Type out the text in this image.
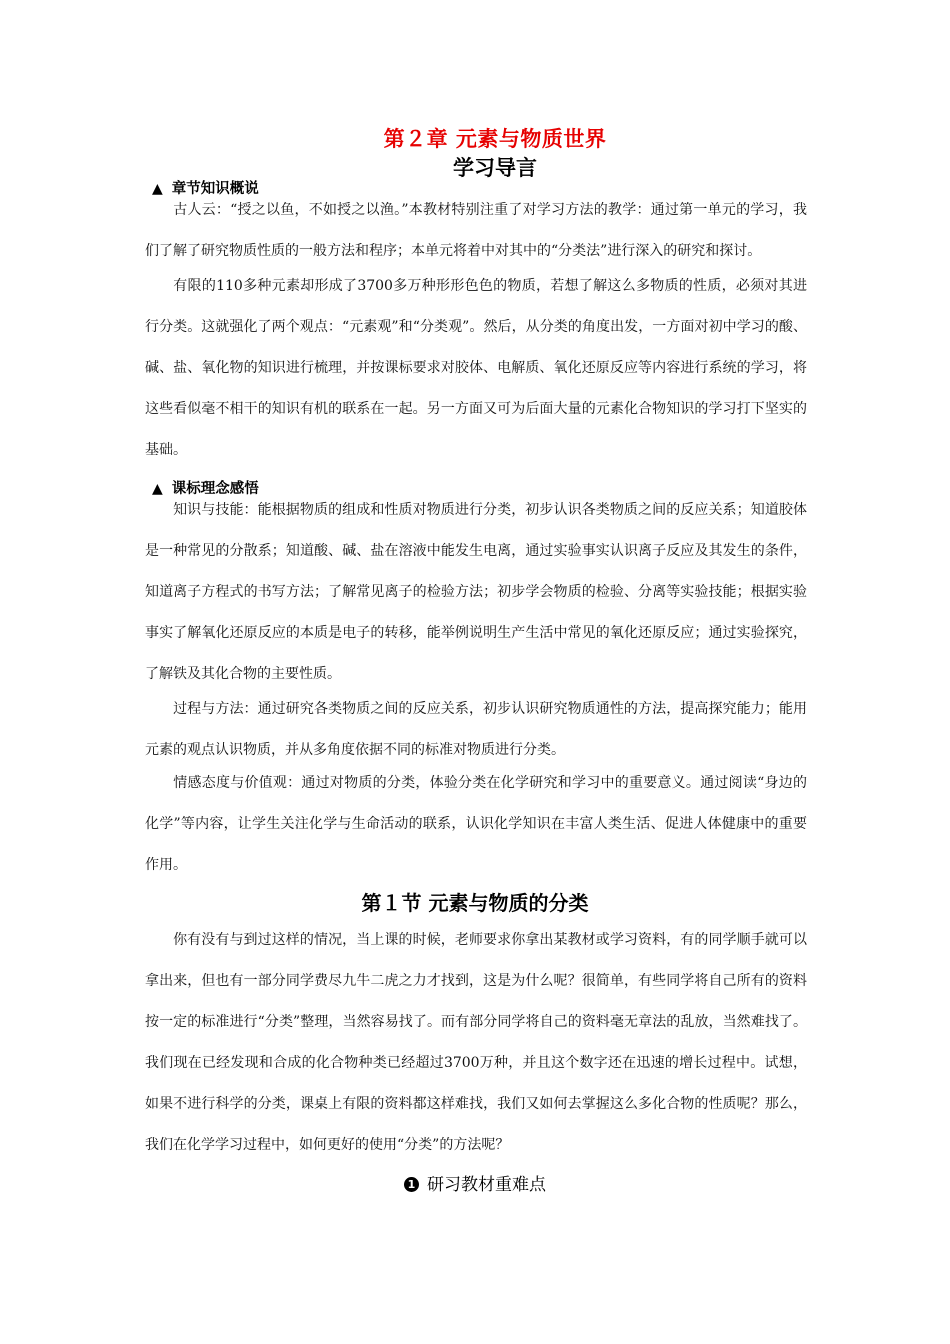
第２章 元素与物质世界
学习导言
▲ 章节知识概说

古人云：“授之以鱼，不如授之以渔。”本教材特别注重了对学习方法的教学：通过第一单元的学习，我们了解了研究物质性质的一般方法和程序；本单元将着中对其中的“分类法”进行深入的研究和探讨。

有限的110多种元素却形成了3700多万种形形色色的物质，若想了解这么多物质的性质，必须对其进行分类。这就强化了两个观点：“元素观”和“分类观”。然后，从分类的角度出发，一方面对初中学习的酸、碱、盐、氧化物的知识进行梳理，并按课标要求对胶体、电解质、氧化还原反应等内容进行系统的学习，将这些看似毫不相干的知识有机的联系在一起。另一方面又可为后面大量的元素化合物知识的学习打下坚实的基础。

▲ 课标理念感悟

知识与技能：能根据物质的组成和性质对物质进行分类，初步认识各类物质之间的反应关系；知道胶体是一种常见的分散系；知道酸、碱、盐在溶液中能发生电离，通过实验事实认识离子反应及其发生的条件，知道离子方程式的书写方法；了解常见离子的检验方法；初步学会物质的检验、分离等实验技能；根据实验事实了解氧化还原反应的本质是电子的转移，能举例说明生产生活中常见的氧化还原反应；通过实验探究，了解铁及其化合物的主要性质。

过程与方法：通过研究各类物质之间的反应关系，初步认识研究物质通性的方法，提高探究能力；能用元素的观点认识物质，并从多角度依据不同的标准对物质进行分类。

情感态度与价值观：通过对物质的分类，体验分类在化学研究和学习中的重要意义。通过阅读“身边的化学”等内容，让学生关注化学与生命活动的联系，认识化学知识在丰富人类生活、促进人体健康中的重要作用。

第１节 元素与物质的分类

你有没有与到过这样的情况，当上课的时候，老师要求你拿出某教材或学习资料，有的同学顺手就可以拿出来，但也有一部分同学费尽九牛二虎之力才找到，这是为什么呢？很简单，有些同学将自己所有的资料按一定的标准进行“分类”整理，当然容易找了。而有部分同学将自己的资料毫无章法的乱放，当然难找了。我们现在已经发现和合成的化合物种类已经超过3700万种，并且这个数字还在迅速的增长过程中。试想，如果不进行科学的分类，课桌上有限的资料都这样难找，我们又如何去掌握这么多化合物的性质呢？那么，我们在化学学习过程中，如何更好的使用“分类”的方法呢？

1 研习教材重难点
